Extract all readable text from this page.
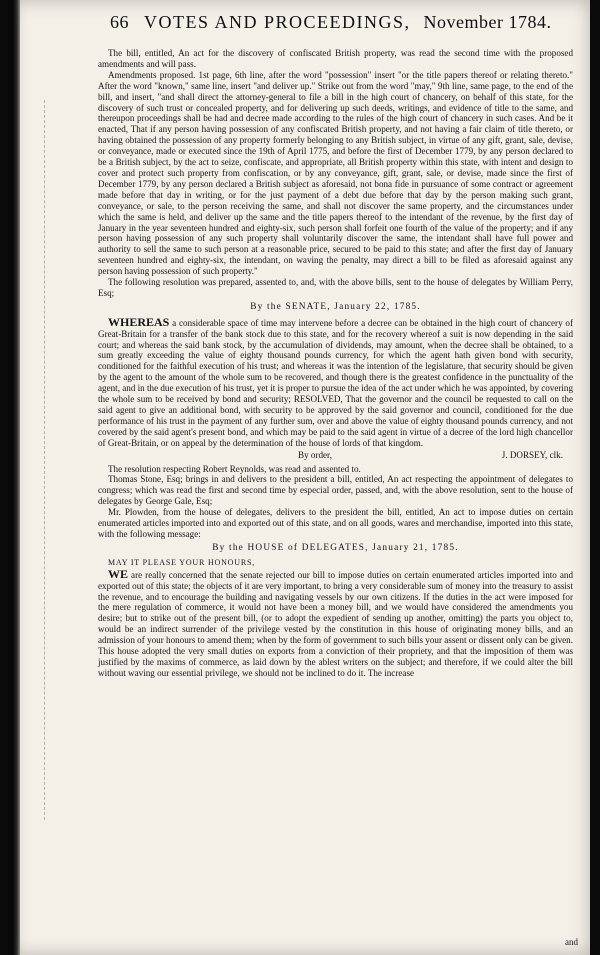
66 VOTES AND PROCEEDINGS, November 1784.

The bill, entitled, An act for the discovery of confiscated British property, was read the second time with the proposed amendments and will pass.

Amendments proposed. 1st page, 6th line, after the word "possession" insert "or the title papers thereof or relating thereto." After the word "known," same line, insert "and deliver up." Strike out from the word "may," 9th line, same page, to the end of the bill, and insert, "and shall direct the attorney-general to file a bill in the high court of chancery, on behalf of this state, for the discovery of such trust or concealed property, and for delivering up such deeds, writings, and evidence of title to the same, and thereupon proceedings shall be had and decree made according to the rules of the high court of chancery in such cases. And be it enacted, That if any person having possession of any confiscated British property, and not having a fair claim of title thereto, or having obtained the possession of any property formerly belonging to any British subject, in virtue of any gift, grant, sale, devise, or conveyance, made or executed since the 19th of April 1775, and before the first of December 1779, by any person declared to be a British subject, by the act to seize, confiscate, and appropriate, all British property within this state, with intent and design to cover and protect such property from confiscation, or by any conveyance, gift, grant, sale, or devise, made since the first of December 1779, by any person declared a British subject as aforesaid, not bona fide in pursuance of some contract or agreement made before that day in writing, or for the just payment of a debt due before that day by the person making such grant, conveyance, or sale, to the person receiving the same, and shall not discover the same property, and the circumstances under which the same is held, and deliver up the same and the title papers thereof to the intendant of the revenue, by the first day of January in the year seventeen hundred and eighty-six, such person shall forfeit one fourth of the value of the property; and if any person having possession of any such property shall voluntarily discover the same, the intendant shall have full power and authority to sell the same to such person at a reasonable price, secured to be paid to this state; and after the first day of January seventeen hundred and eighty-six, the intendant, on waving the penalty, may direct a bill to be filed as aforesaid against any person having possession of such property."

The following resolution was prepared, assented to, and, with the above bills, sent to the house of delegates by William Perry, Esq;

By the SENATE, January 22, 1785.

WHEREAS a considerable space of time may intervene before a decree can be obtained in the high court of chancery of Great-Britain for a transfer of the bank stock due to this state, and for the recovery whereof a suit is now depending in the said court; and whereas the said bank stock, by the accumulation of dividends, may amount, when the decree shall be obtained, to a sum greatly exceeding the value of eighty thousand pounds currency, for which the agent hath given bond with security, conditioned for the faithful execution of his trust; and whereas it was the intention of the legislature, that security should be given by the agent to the amount of the whole sum to be recovered, and though there is the greatest confidence in the punctuality of the agent, and in the due execution of his trust, yet it is proper to pursue the idea of the act under which he was appointed, by covering the whole sum to be received by bond and security; RESOLVED, That the governor and the council be requested to call on the said agent to give an additional bond, with security to be approved by the said governor and council, conditioned for the due performance of his trust in the payment of any further sum, over and above the value of eighty thousand pounds currency, and not covered by the said agent's present bond, and which may be paid to the said agent in virtue of a decree of the lord high chancellor of Great-Britain, or on appeal by the determination of the house of lords of that kingdom.

By order,	J. DORSEY, clk.

The resolution respecting Robert Reynolds, was read and assented to.

Thomas Stone, Esq; brings in and delivers to the president a bill, entitled, An act respecting the appointment of delegates to congress; which was read the first and second time by especial order, passed, and, with the above resolution, sent to the house of delegates by George Gale, Esq;

Mr. Plowden, from the house of delegates, delivers to the president the bill, entitled, An act to impose duties on certain enumerated articles imported into and exported out of this state, and on all goods, wares and merchandise, imported into this state, with the following message:

By the HOUSE of DELEGATES, January 21, 1785.
MAY IT PLEASE YOUR HONOURS,

WE are really concerned that the senate rejected our bill to impose duties on certain enumerated articles imported into and exported out of this state; the objects of it are very important, to bring a very considerable sum of money into the treasury to assist the revenue, and to encourage the building and navigating vessels by our own citizens. If the duties in the act were imposed for the mere regulation of commerce, it would not have been a money bill, and we would have considered the amendments you desire; but to strike out of the present bill, (or to adopt the expedient of sending up another, omitting) the parts you object to, would be an indirect surrender of the privilege vested by the constitution in this house of originating money bills, and an admission of your honours to amend them; when by the form of government to such bills your assent or dissent only can be given. This house adopted the very small duties on exports from a conviction of their propriety, and that the imposition of them was justified by the maxims of commerce, as laid down by the ablest writers on the subject; and therefore, if we could alter the bill without waving our essential privilege, we should not be inclined to do it. The increase

and
